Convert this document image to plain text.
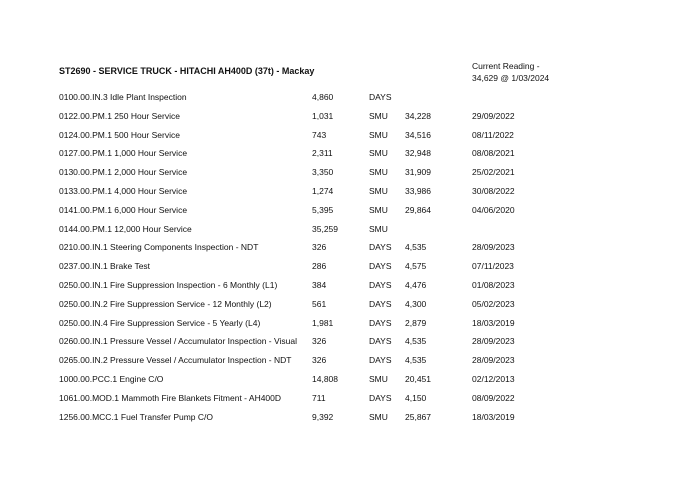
ST2690 - SERVICE TRUCK - HITACHI AH400D (37t) - Mackay	Current Reading -
34,629 @ 1/03/2024
0100.00.IN.3 Idle Plant Inspection	4,860	DAYS
0122.00.PM.1 250 Hour Service	1,031	SMU 34,228	29/09/2022
0124.00.PM.1 500 Hour Service	743	SMU 34,516	08/11/2022
0127.00.PM.1 1,000 Hour Service	2,311	SMU 32,948	08/08/2021
0130.00.PM.1 2,000 Hour Service	3,350	SMU 31,909	25/02/2021
0133.00.PM.1 4,000 Hour Service	1,274	SMU 33,986	30/08/2022
0141.00.PM.1 6,000 Hour Service	5,395	SMU 29,864	04/06/2020
0144.00.PM.1 12,000 Hour Service	35,259	SMU
0210.00.IN.1 Steering Components Inspection - NDT	326	DAYS 4,535	28/09/2023
0237.00.IN.1 Brake Test	286	DAYS 4,575	07/11/2023
0250.00.IN.1 Fire Suppression Inspection - 6 Monthly (L1)	384	DAYS 4,476	01/08/2023
0250.00.IN.2 Fire Suppression Service - 12 Monthly (L2)	561	DAYS 4,300	05/02/2023
0250.00.IN.4 Fire Suppression Service - 5 Yearly (L4)	1,981	DAYS 2,879	18/03/2019
0260.00.IN.1 Pressure Vessel / Accumulator Inspection - Visual 326	DAYS 4,535	28/09/2023
0265.00.IN.2 Pressure Vessel / Accumulator Inspection - NDT 326	DAYS 4,535	28/09/2023
1000.00.PCC.1 Engine C/O	14,808	SMU 20,451	02/12/2013
1061.00.MOD.1 Mammoth Fire Blankets Fitment - AH400D	711	DAYS 4,150	08/09/2022
1256.00.MCC.1 Fuel Transfer Pump C/O	9,392	SMU 25,867	18/03/2019
